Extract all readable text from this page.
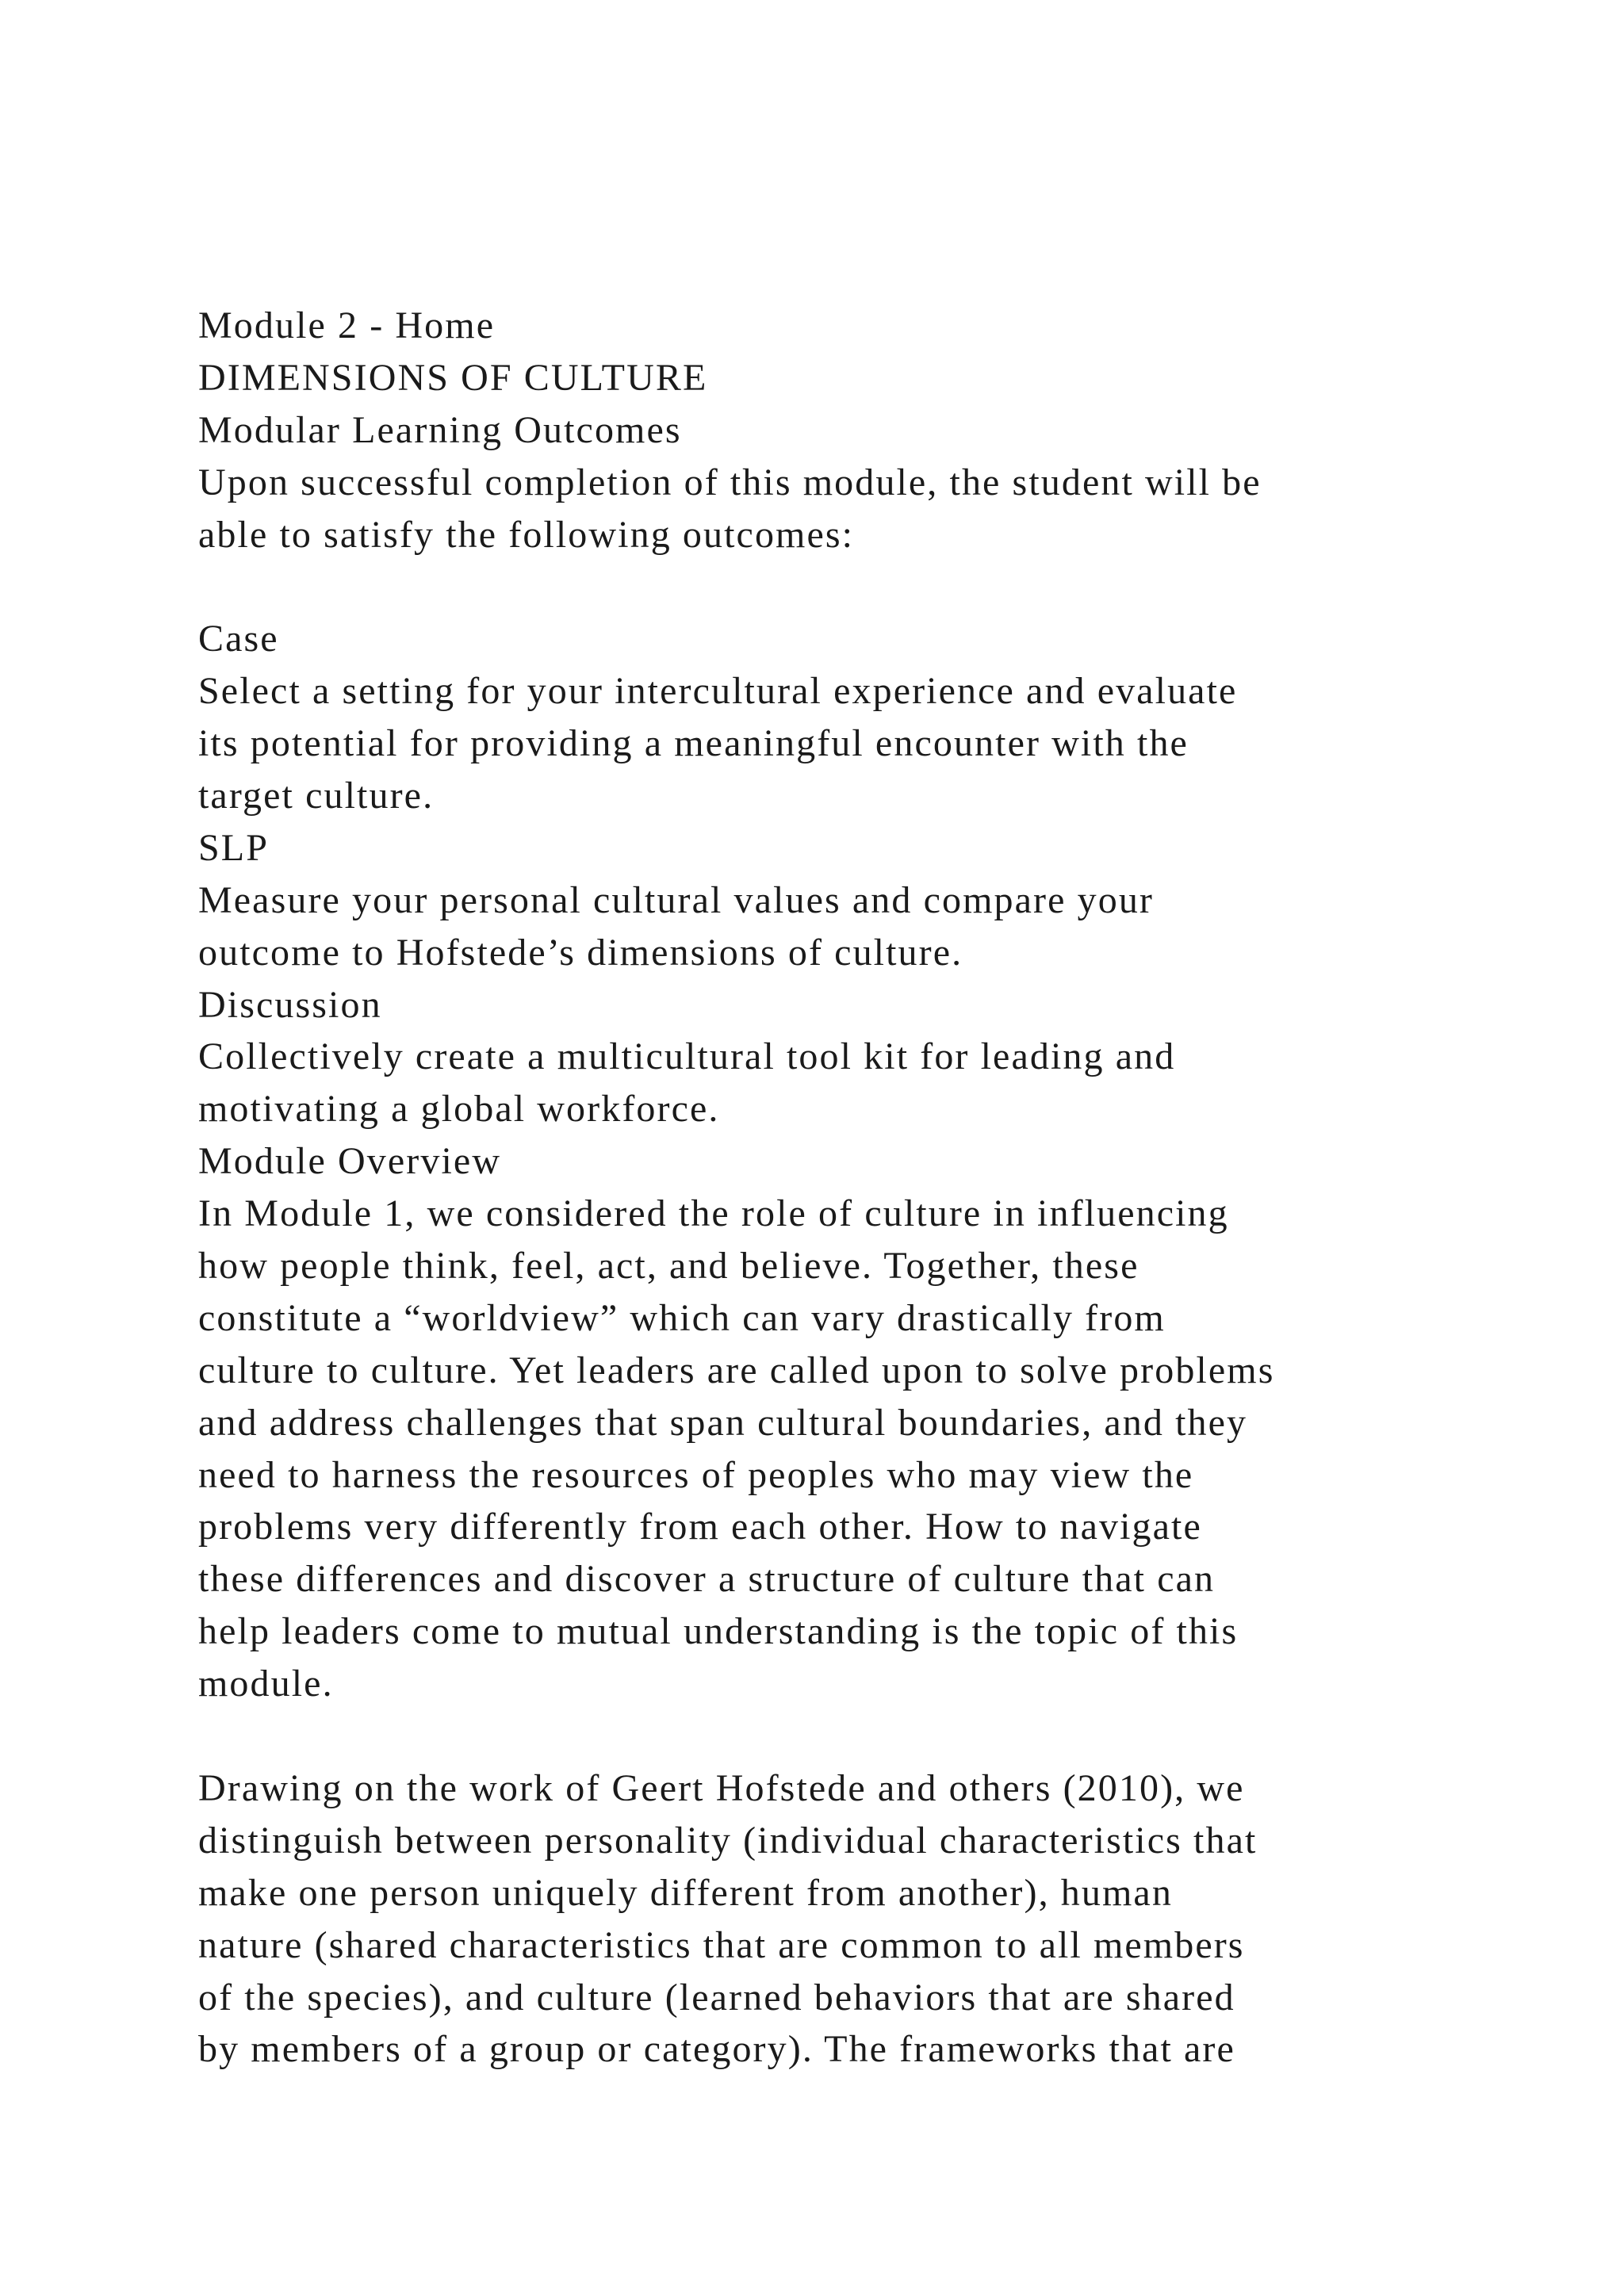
Module 2 - Home
DIMENSIONS OF CULTURE
Modular Learning Outcomes
Upon successful completion of this module, the student will be
able to satisfy the following outcomes:
Case
Select a setting for your intercultural experience and evaluate
its potential for providing a meaningful encounter with the
target culture.
SLP
Measure your personal cultural values and compare your
outcome to Hofstede’s dimensions of culture.
Discussion
Collectively create a multicultural tool kit for leading and
motivating a global workforce.
Module Overview
In Module 1, we considered the role of culture in influencing
how people think, feel, act, and believe. Together, these
constitute a “worldview” which can vary drastically from
culture to culture. Yet leaders are called upon to solve problems
and address challenges that span cultural boundaries, and they
need to harness the resources of peoples who may view the
problems very differently from each other. How to navigate
these differences and discover a structure of culture that can
help leaders come to mutual understanding is the topic of this
module.
Drawing on the work of Geert Hofstede and others (2010), we
distinguish between personality (individual characteristics that
make one person uniquely different from another), human
nature (shared characteristics that are common to all members
of the species), and culture (learned behaviors that are shared
by members of a group or category). The frameworks that are
